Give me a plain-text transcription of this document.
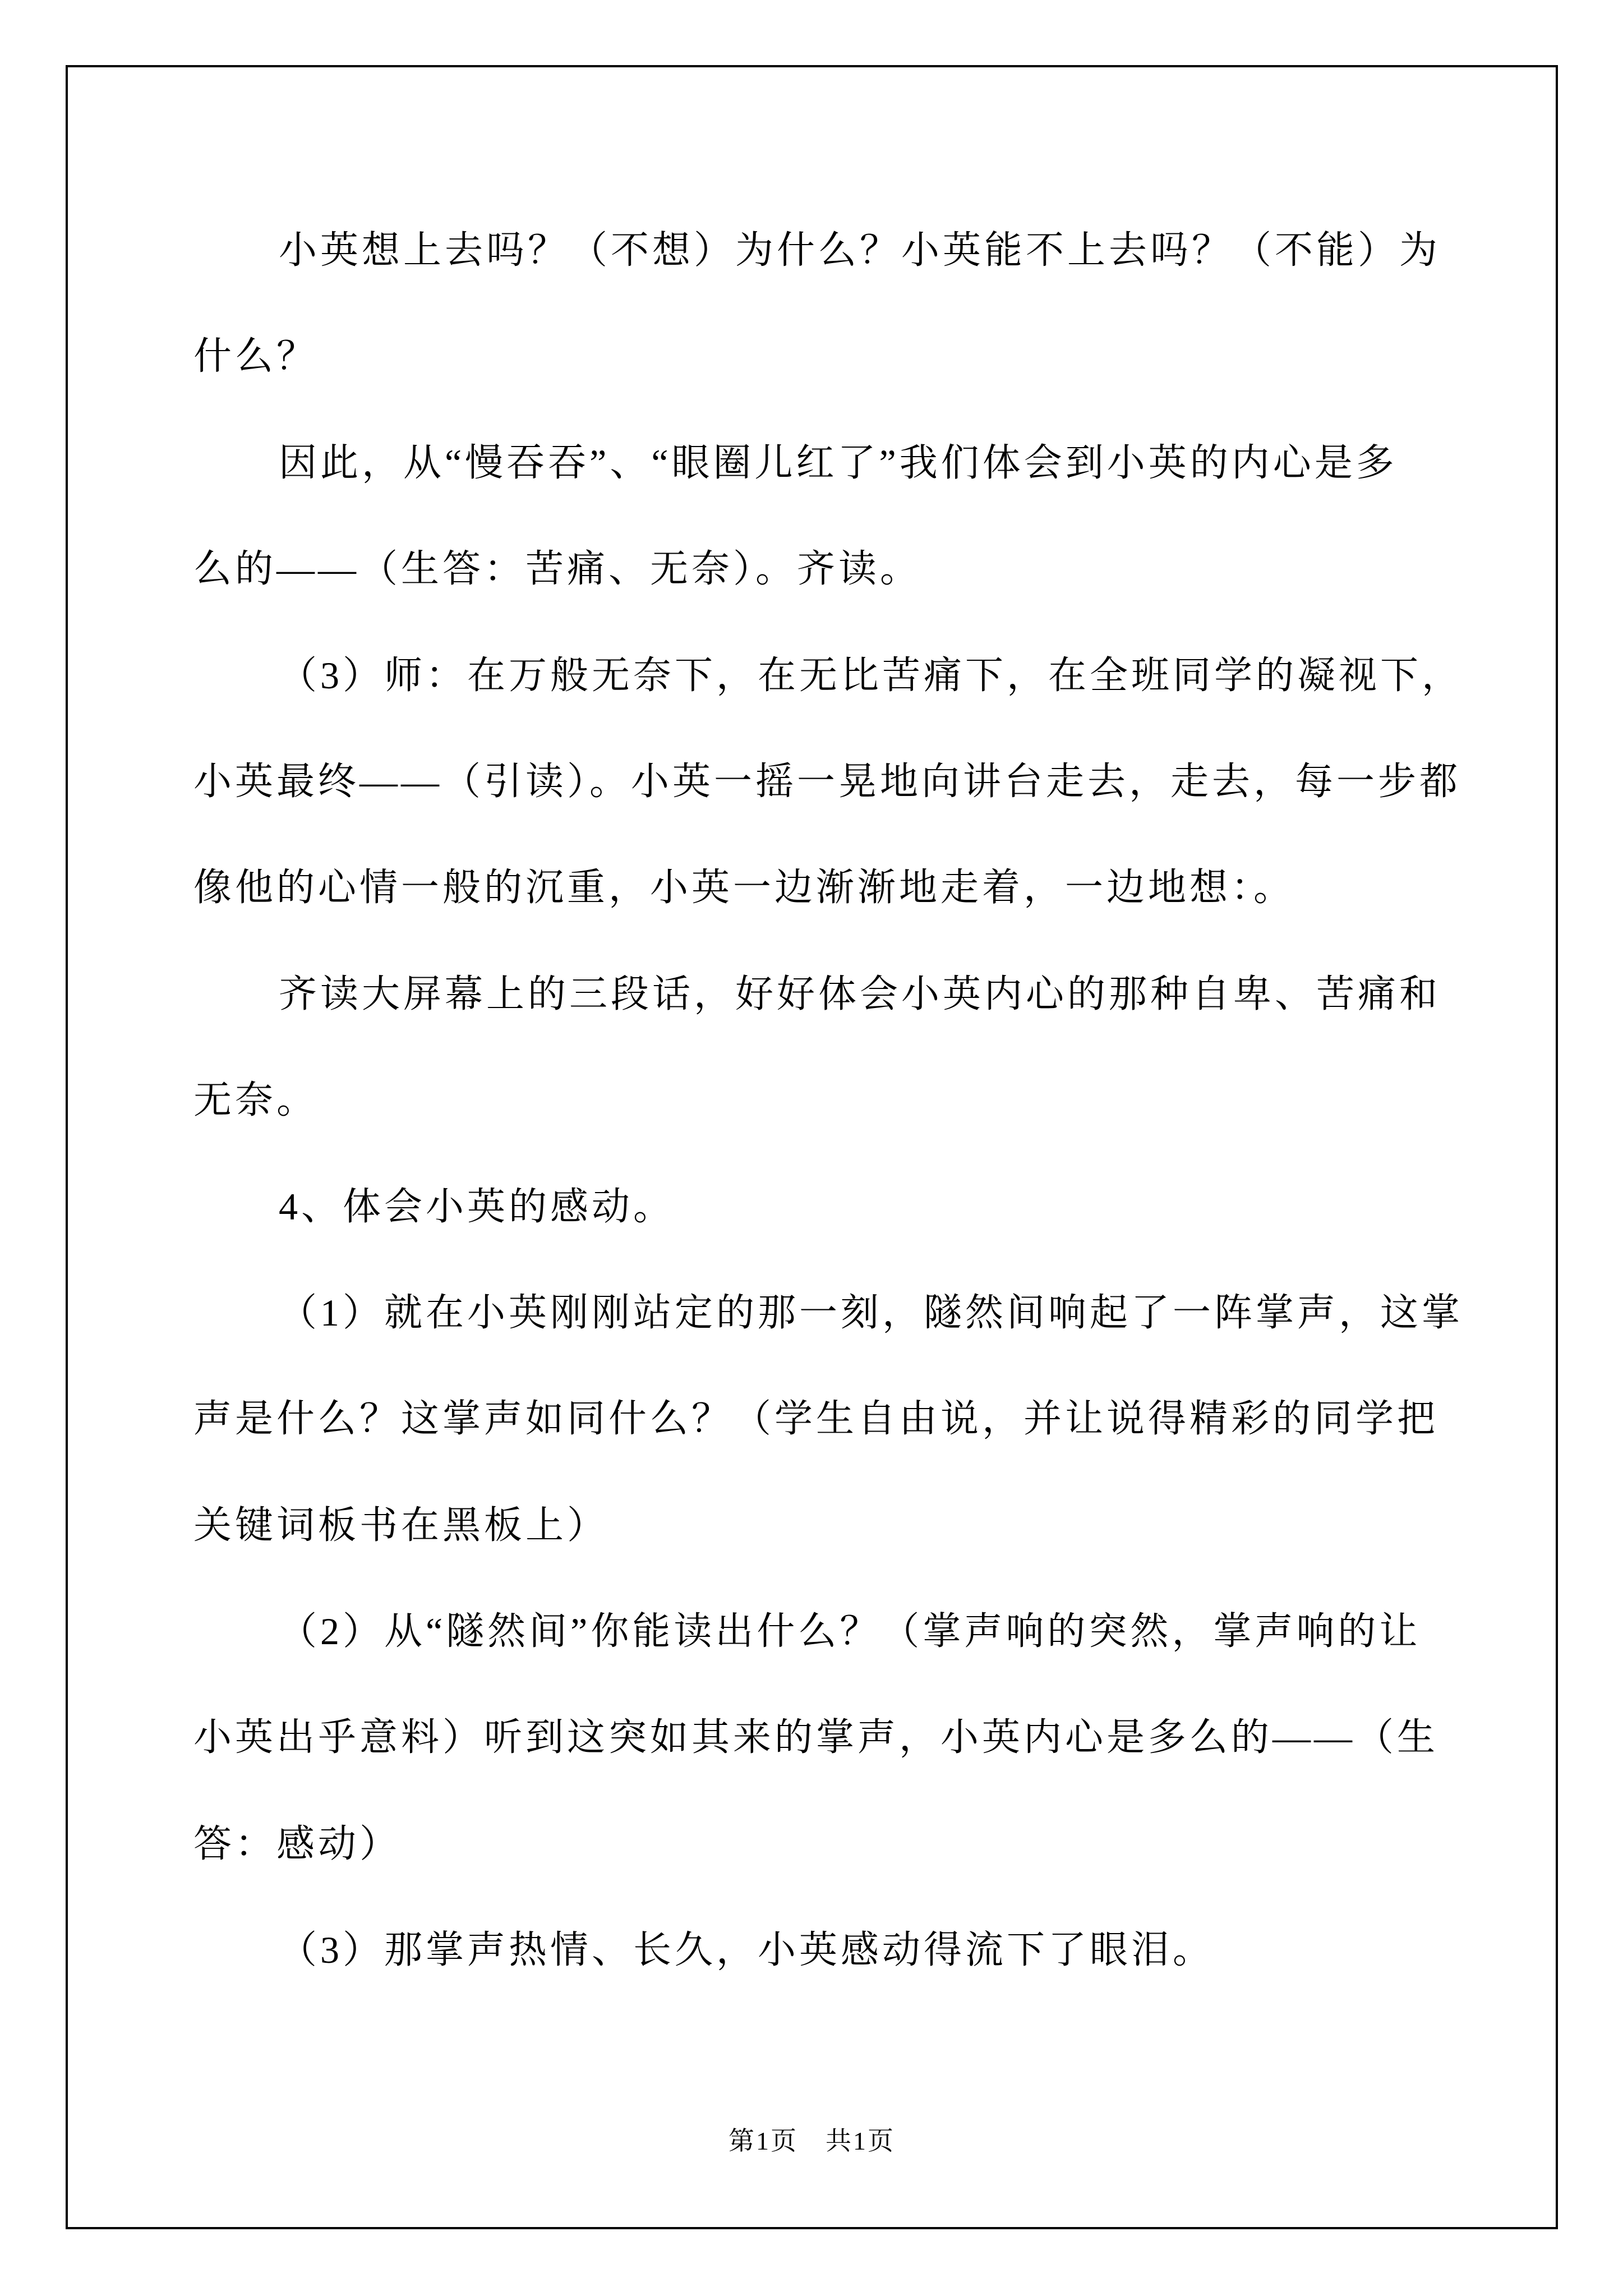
小英想上去吗？（不想）为什么？小英能不上去吗？（不能）为
什么？
因此，从“慢吞吞”、“眼圈儿红了”我们体会到小英的内心是多
么的——（生答：苦痛、无奈）。齐读。
（3）师：在万般无奈下，在无比苦痛下，在全班同学的凝视下，
小英最终——（引读）。小英一摇一晃地向讲台走去，走去，每一步都
像他的心情一般的沉重，小英一边渐渐地走着，一边地想：。
齐读大屏幕上的三段话，好好体会小英内心的那种自卑、苦痛和
无奈。
4、体会小英的感动。
（1）就在小英刚刚站定的那一刻，隧然间响起了一阵掌声，这掌
声是什么？这掌声如同什么？（学生自由说，并让说得精彩的同学把
关键词板书在黑板上）
（2）从“隧然间”你能读出什么？（掌声响的突然，掌声响的让
小英出乎意料）听到这突如其来的掌声，小英内心是多么的——（生
答：感动）
（3）那掌声热情、长久，小英感动得流下了眼泪。
第1页　共1页
